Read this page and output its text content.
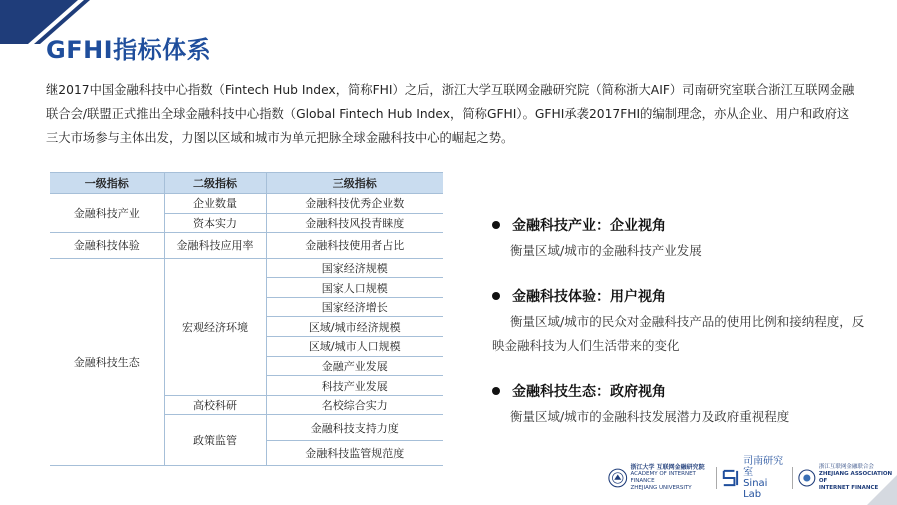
GFHI指标体系

继2017中国金融科技中心指数（Fintech Hub Index，简称FHI）之后，浙江大学互联网金融研究院（简称浙大AIF）司南研究室联合浙江互联网金融联合会/联盟正式推出全球金融科技中心指数（Global Fintech Hub Index，简称GFHI）。GFHI承袭2017FHI的编制理念，亦从企业、用户和政府这三大市场参与主体出发，力图以区域和城市为单元把脉全球金融科技中心的崛起之势。

一级指标	二级指标	三级指标
金融科技产业	企业数量	金融科技优秀企业数
	资本实力	金融科技风投青睐度
金融科技体验	金融科技应用率	金融科技使用者占比
金融科技生态	宏观经济环境	国家经济规模
		国家人口规模
		国家经济增长
		区域/城市经济规模
		区域/城市人口规模
		金融产业发展
		科技产业发展
	高校科研	名校综合实力
	政策监管	金融科技支持力度
		金融科技监管规范度
金融科技产业：企业视角

衡量区域/城市的金融科技产业发展

金融科技体验：用户视角

衡量区域/城市的民众对金融科技产品的使用比例和接纳程度，反映金融科技为人们生活带来的变化

金融科技生态：政府视角

衡量区域/城市的金融科技发展潜力及政府重视程度

浙江大学 互联网金融研究院
ACADEMY OF INTERNET FINANCE
ZHEJIANG UNIVERSITY
司南研究室
Sinai Lab
浙江互联网金融联合会
ZHEJIANG ASSOCIATION OF
INTERNET FINANCE
